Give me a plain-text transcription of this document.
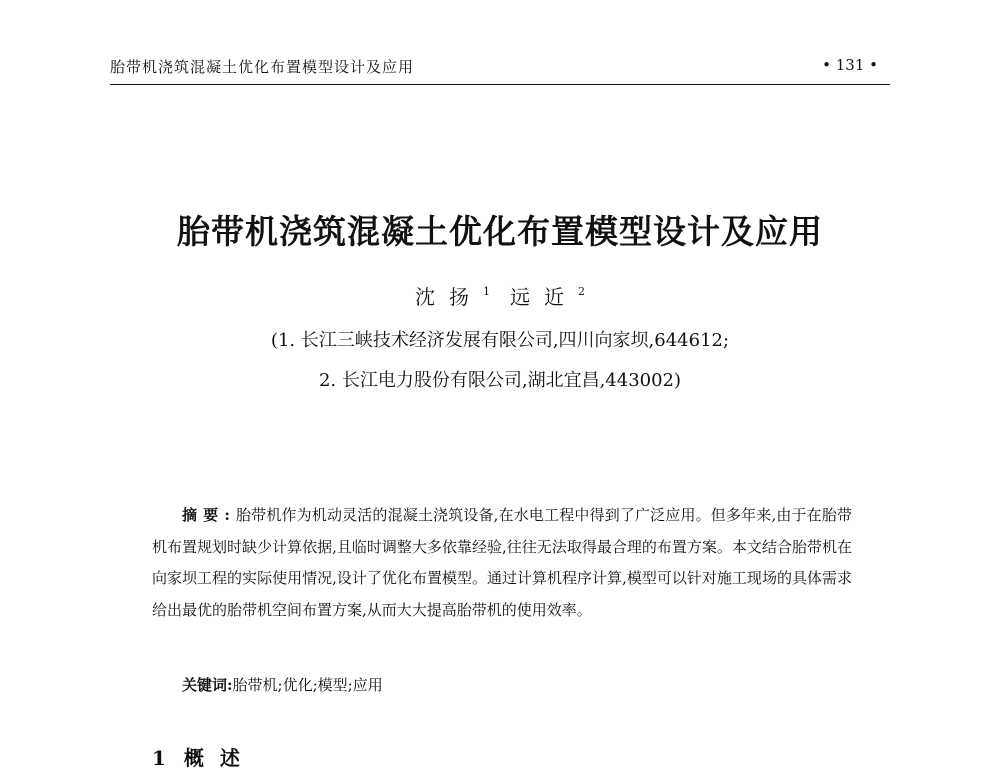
胎带机浇筑混凝土优化布置模型设计及应用	• 131 •
胎带机浇筑混凝土优化布置模型设计及应用
沈扬$^1$ 远近$^2$
(1. 长江三峡技术经济发展有限公司,四川向家坝,644612;
2. 长江电力股份有限公司,湖北宜昌,443002)
摘要:胎带机作为机动灵活的混凝土浇筑设备,在水电工程中得到了广泛应用。但多年来,由于在胎带机布置规划时缺少计算依据,且临时调整大多依靠经验,往往无法取得最合理的布置方案。本文结合胎带机在向家坝工程的实际使用情况,设计了优化布置模型。通过计算机程序计算,模型可以针对施工现场的具体需求给出最优的胎带机空间布置方案,从而大大提高胎带机的使用效率。
关键词:胎带机;优化;模型;应用
1 概述
